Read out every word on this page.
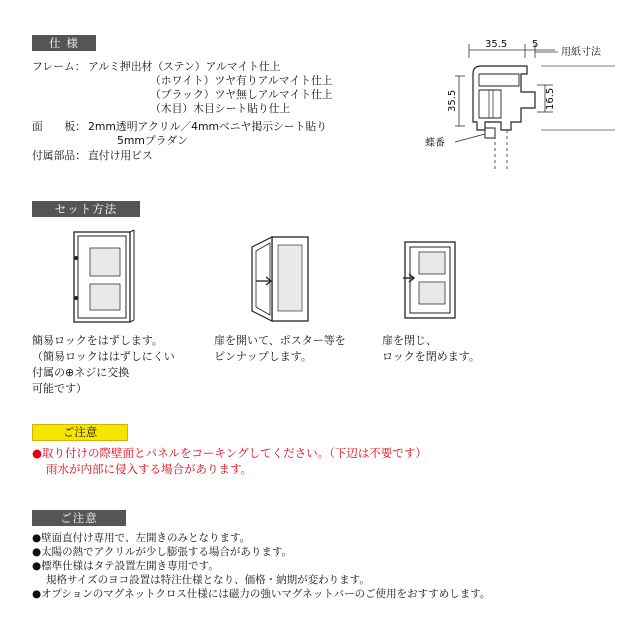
仕 様
フレーム： アルミ押出材（ステン）アルマイト仕上
（ホワイト）ツヤ有りアルマイト仕上
（ブラック）ツヤ無しアルマイト仕上
（木目）木目シート貼り仕上
面　　板： 2mm透明アクリル／4mmベニヤ掲示シート貼り
5mmプラダン
付属部品： 直付け用ビス
35.5 5
用紙寸法
35.5	16.5
蝶番
セット方法
簡易ロックをはずします。
（簡易ロックははずしにくい
付属の⊕ネジに交換
可能です）
扉を開いて、ポスター等を
ピンナップします。
扉を閉じ、
ロックを閉めます。
ご注意
●取り付けの際壁面とパネルをコーキングしてください。（下辺は不要です）
雨水が内部に侵入する場合があります。
ご注意
●壁面直付け専用で、左開きのみとなります。
●太陽の熱でアクリルが少し膨張する場合があります。
●標準仕様はタテ設置左開き専用です。
規格サイズのヨコ設置は特注仕様となり、価格・納期が変わります。
●オプションのマグネットクロス仕様には磁力の強いマグネットバーのご使用をおすすめします。
